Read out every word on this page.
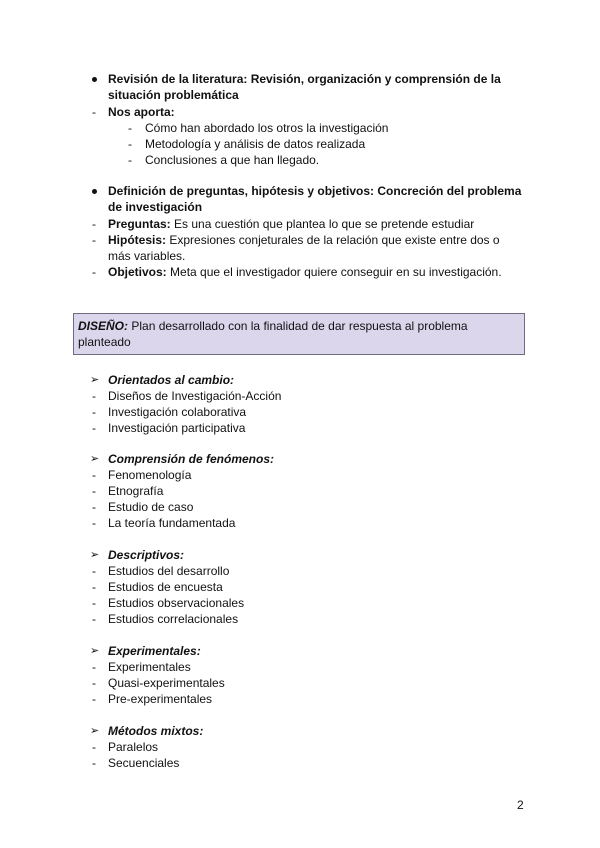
Revisión de la literatura: Revisión, organización y comprensión de la
situación problemática
- Nos aporta:
- Cómo han abordado los otros la investigación
- Metodología y análisis de datos realizada
- Conclusiones a que han llegado.
Definición de preguntas, hipótesis y objetivos: Concreción del problema
de investigación
- Preguntas: Es una cuestión que plantea lo que se pretende estudiar
- Hipótesis: Expresiones conjeturales de la relación que existe entre dos o
más variables.
- Objetivos: Meta que el investigador quiere conseguir en su investigación.
DISEÑO: Plan desarrollado con la finalidad de dar respuesta al problema
planteado
➢ Orientados al cambio:
- Diseños de Investigación-Acción
- Investigación colaborativa
- Investigación participativa
➢ Comprensión de fenómenos:
- Fenomenología
- Etnografía
- Estudio de caso
- La teoría fundamentada
➢ Descriptivos:
- Estudios del desarrollo
- Estudios de encuesta
- Estudios observacionales
- Estudios correlacionales
➢ Experimentales:
- Experimentales
- Quasi-experimentales
- Pre-experimentales
➢ Métodos mixtos:
- Paralelos
- Secuenciales
2
